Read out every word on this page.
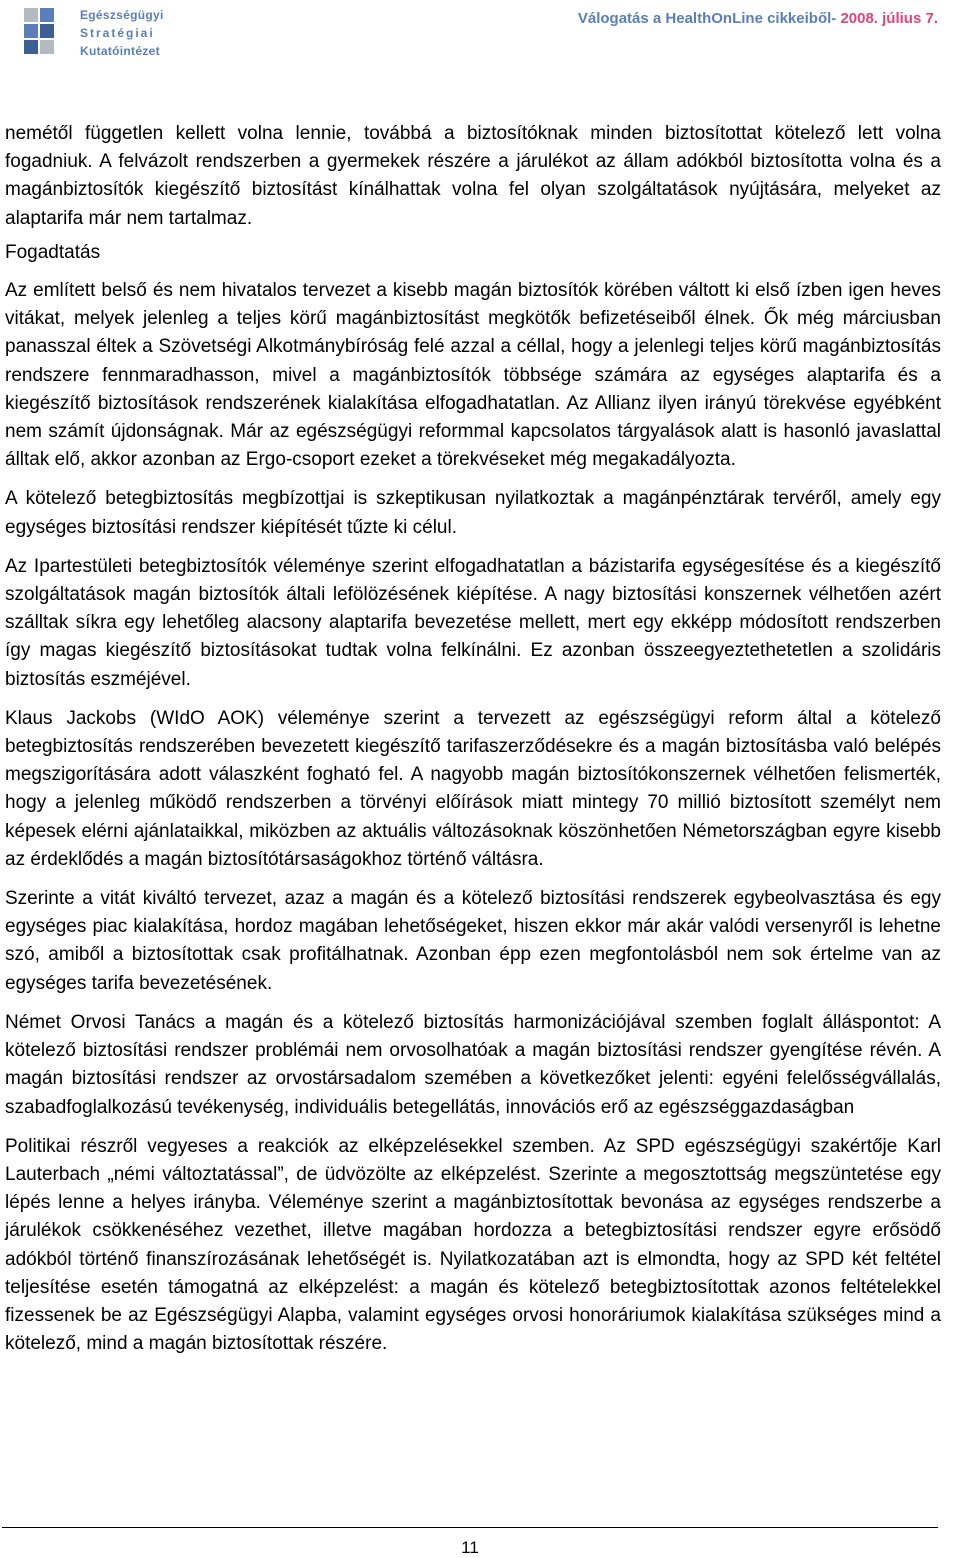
Egészségügyi
Stratégiai
Kutatóintézet
Válogatás a HealthOnLine cikkeiből- 2008. július 7.

nemétől független kellett volna lennie, továbbá a biztosítóknak minden biztosítottat kötelező lett volna fogadniuk. A felvázolt rendszerben a gyermekek részére a járulékot az állam adókból biztosította volna és a magánbiztosítók kiegészítő biztosítást kínálhattak volna fel olyan szolgáltatások nyújtására, melyeket az alaptarifa már nem tartalmaz.

Fogadtatás

Az említett belső és nem hivatalos tervezet a kisebb magán biztosítók körében váltott ki első ízben igen heves vitákat, melyek jelenleg a teljes körű magánbiztosítást megkötők befizetéseiből élnek. Ők még márciusban panasszal éltek a Szövetségi Alkotmánybíróság felé azzal a céllal, hogy a jelenlegi teljes körű magánbiztosítás rendszere fennmaradhasson, mivel a magánbiztosítók többsége számára az egységes alaptarifa és a kiegészítő biztosítások rendszerének kialakítása elfogadhatatlan. Az Allianz ilyen irányú törekvése egyébként nem számít újdonságnak. Már az egészségügyi reformmal kapcsolatos tárgyalások alatt is hasonló javaslattal álltak elő, akkor azonban az Ergo-csoport ezeket a törekvéseket még megakadályozta.

A kötelező betegbiztosítás megbízottjai is szkeptikusan nyilatkoztak a magánpénztárak tervéről, amely egy egységes biztosítási rendszer kiépítését tűzte ki célul.

Az Ipartestületi betegbiztosítók véleménye szerint elfogadhatatlan a bázistarifa egységesítése és a kiegészítő szolgáltatások magán biztosítók általi lefölözésének kiépítése. A nagy biztosítási konszernek vélhetően azért szálltak síkra egy lehetőleg alacsony alaptarifa bevezetése mellett, mert egy ekképp módosított rendszerben így magas kiegészítő biztosításokat tudtak volna felkínálni. Ez azonban összeegyeztethetetlen a szolidáris biztosítás eszméjével.

Klaus Jackobs (WIdO AOK) véleménye szerint a tervezett az egészségügyi reform által a kötelező betegbiztosítás rendszerében bevezetett kiegészítő tarifaszerződésekre és a magán biztosításba való belépés megszigorítására adott válaszként fogható fel. A nagyobb magán biztosítókonszernek vélhetően felismerték, hogy a jelenleg működő rendszerben a törvényi előírások miatt mintegy 70 millió biztosított személyt nem képesek elérni ajánlataikkal, miközben az aktuális változásoknak köszönhetően Németországban egyre kisebb az érdeklődés a magán biztosítótársaságokhoz történő váltásra.

Szerinte a vitát kiváltó tervezet, azaz a magán és a kötelező biztosítási rendszerek egybeolvasztása és egy egységes piac kialakítása, hordoz magában lehetőségeket, hiszen ekkor már akár valódi versenyről is lehetne szó, amiből a biztosítottak csak profitálhatnak. Azonban épp ezen megfontolásból nem sok értelme van az egységes tarifa bevezetésének.

Német Orvosi Tanács a magán és a kötelező biztosítás harmonizációjával szemben foglalt álláspontot: A kötelező biztosítási rendszer problémái nem orvosolhatóak a magán biztosítási rendszer gyengítése révén. A magán biztosítási rendszer az orvostársadalom szemében a következőket jelenti: egyéni felelősségvállalás, szabadfoglalkozású tevékenység, individuális betegellátás, innovációs erő az egészséggazdaságban

Politikai részről vegyeses a reakciók az elképzelésekkel szemben. Az SPD egészségügyi szakértője Karl Lauterbach „némi változtatással”, de üdvözölte az elképzelést. Szerinte a megosztottság megszüntetése egy lépés lenne a helyes irányba. Véleménye szerint a magánbiztosítottak bevonása az egységes rendszerbe a járulékok csökkenéséhez vezethet, illetve magában hordozza a betegbiztosítási rendszer egyre erősödő adókból történő finanszírozásának lehetőségét is. Nyilatkozatában azt is elmondta, hogy az SPD két feltétel teljesítése esetén támogatná az elképzelést: a magán és kötelező betegbiztosítottak azonos feltételekkel fizessenek be az Egészségügyi Alapba, valamint egységes orvosi honoráriumok kialakítása szükséges mind a kötelező, mind a magán biztosítottak részére.

11
